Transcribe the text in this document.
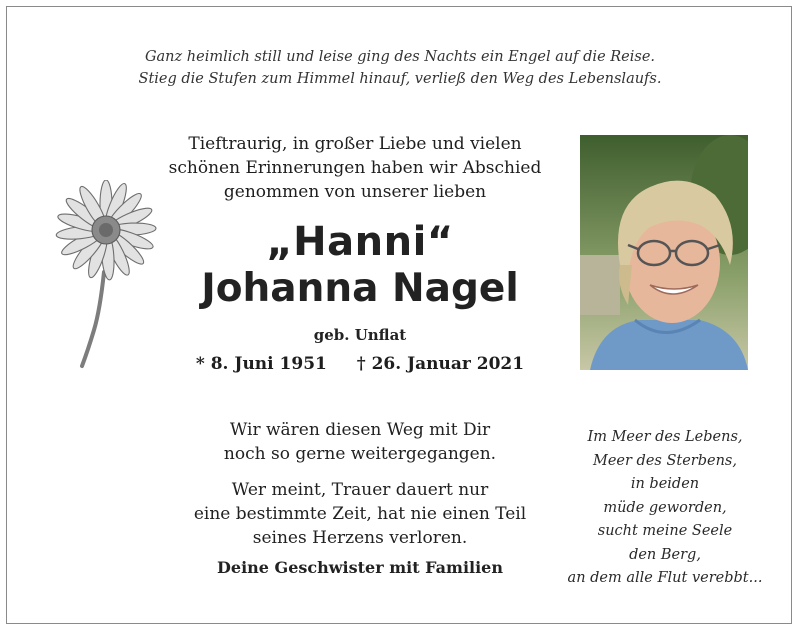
Ganz heimlich still und leise ging des Nachts ein Engel auf die Reise.
Stieg die Stufen zum Himmel hinauf, verließ den Weg des Lebenslaufs.
Tieftraurig, in großer Liebe und vielen
schönen Erinnerungen haben wir Abschied
genommen von unserer lieben
„Hanni“
Johanna Nagel
geb. Unflat
* 8. Juni 1951 † 26. Januar 2021
Wir wären diesen Weg mit Dir
noch so gerne weitergegangen.
Wer meint, Trauer dauert nur
eine bestimmte Zeit, hat nie einen Teil
seines Herzens verloren.
Deine Geschwister mit Familien
Im Meer des Lebens,
Meer des Sterbens,
in beiden
müde geworden,
sucht meine Seele
den Berg,
an dem alle Flut verebbt...
